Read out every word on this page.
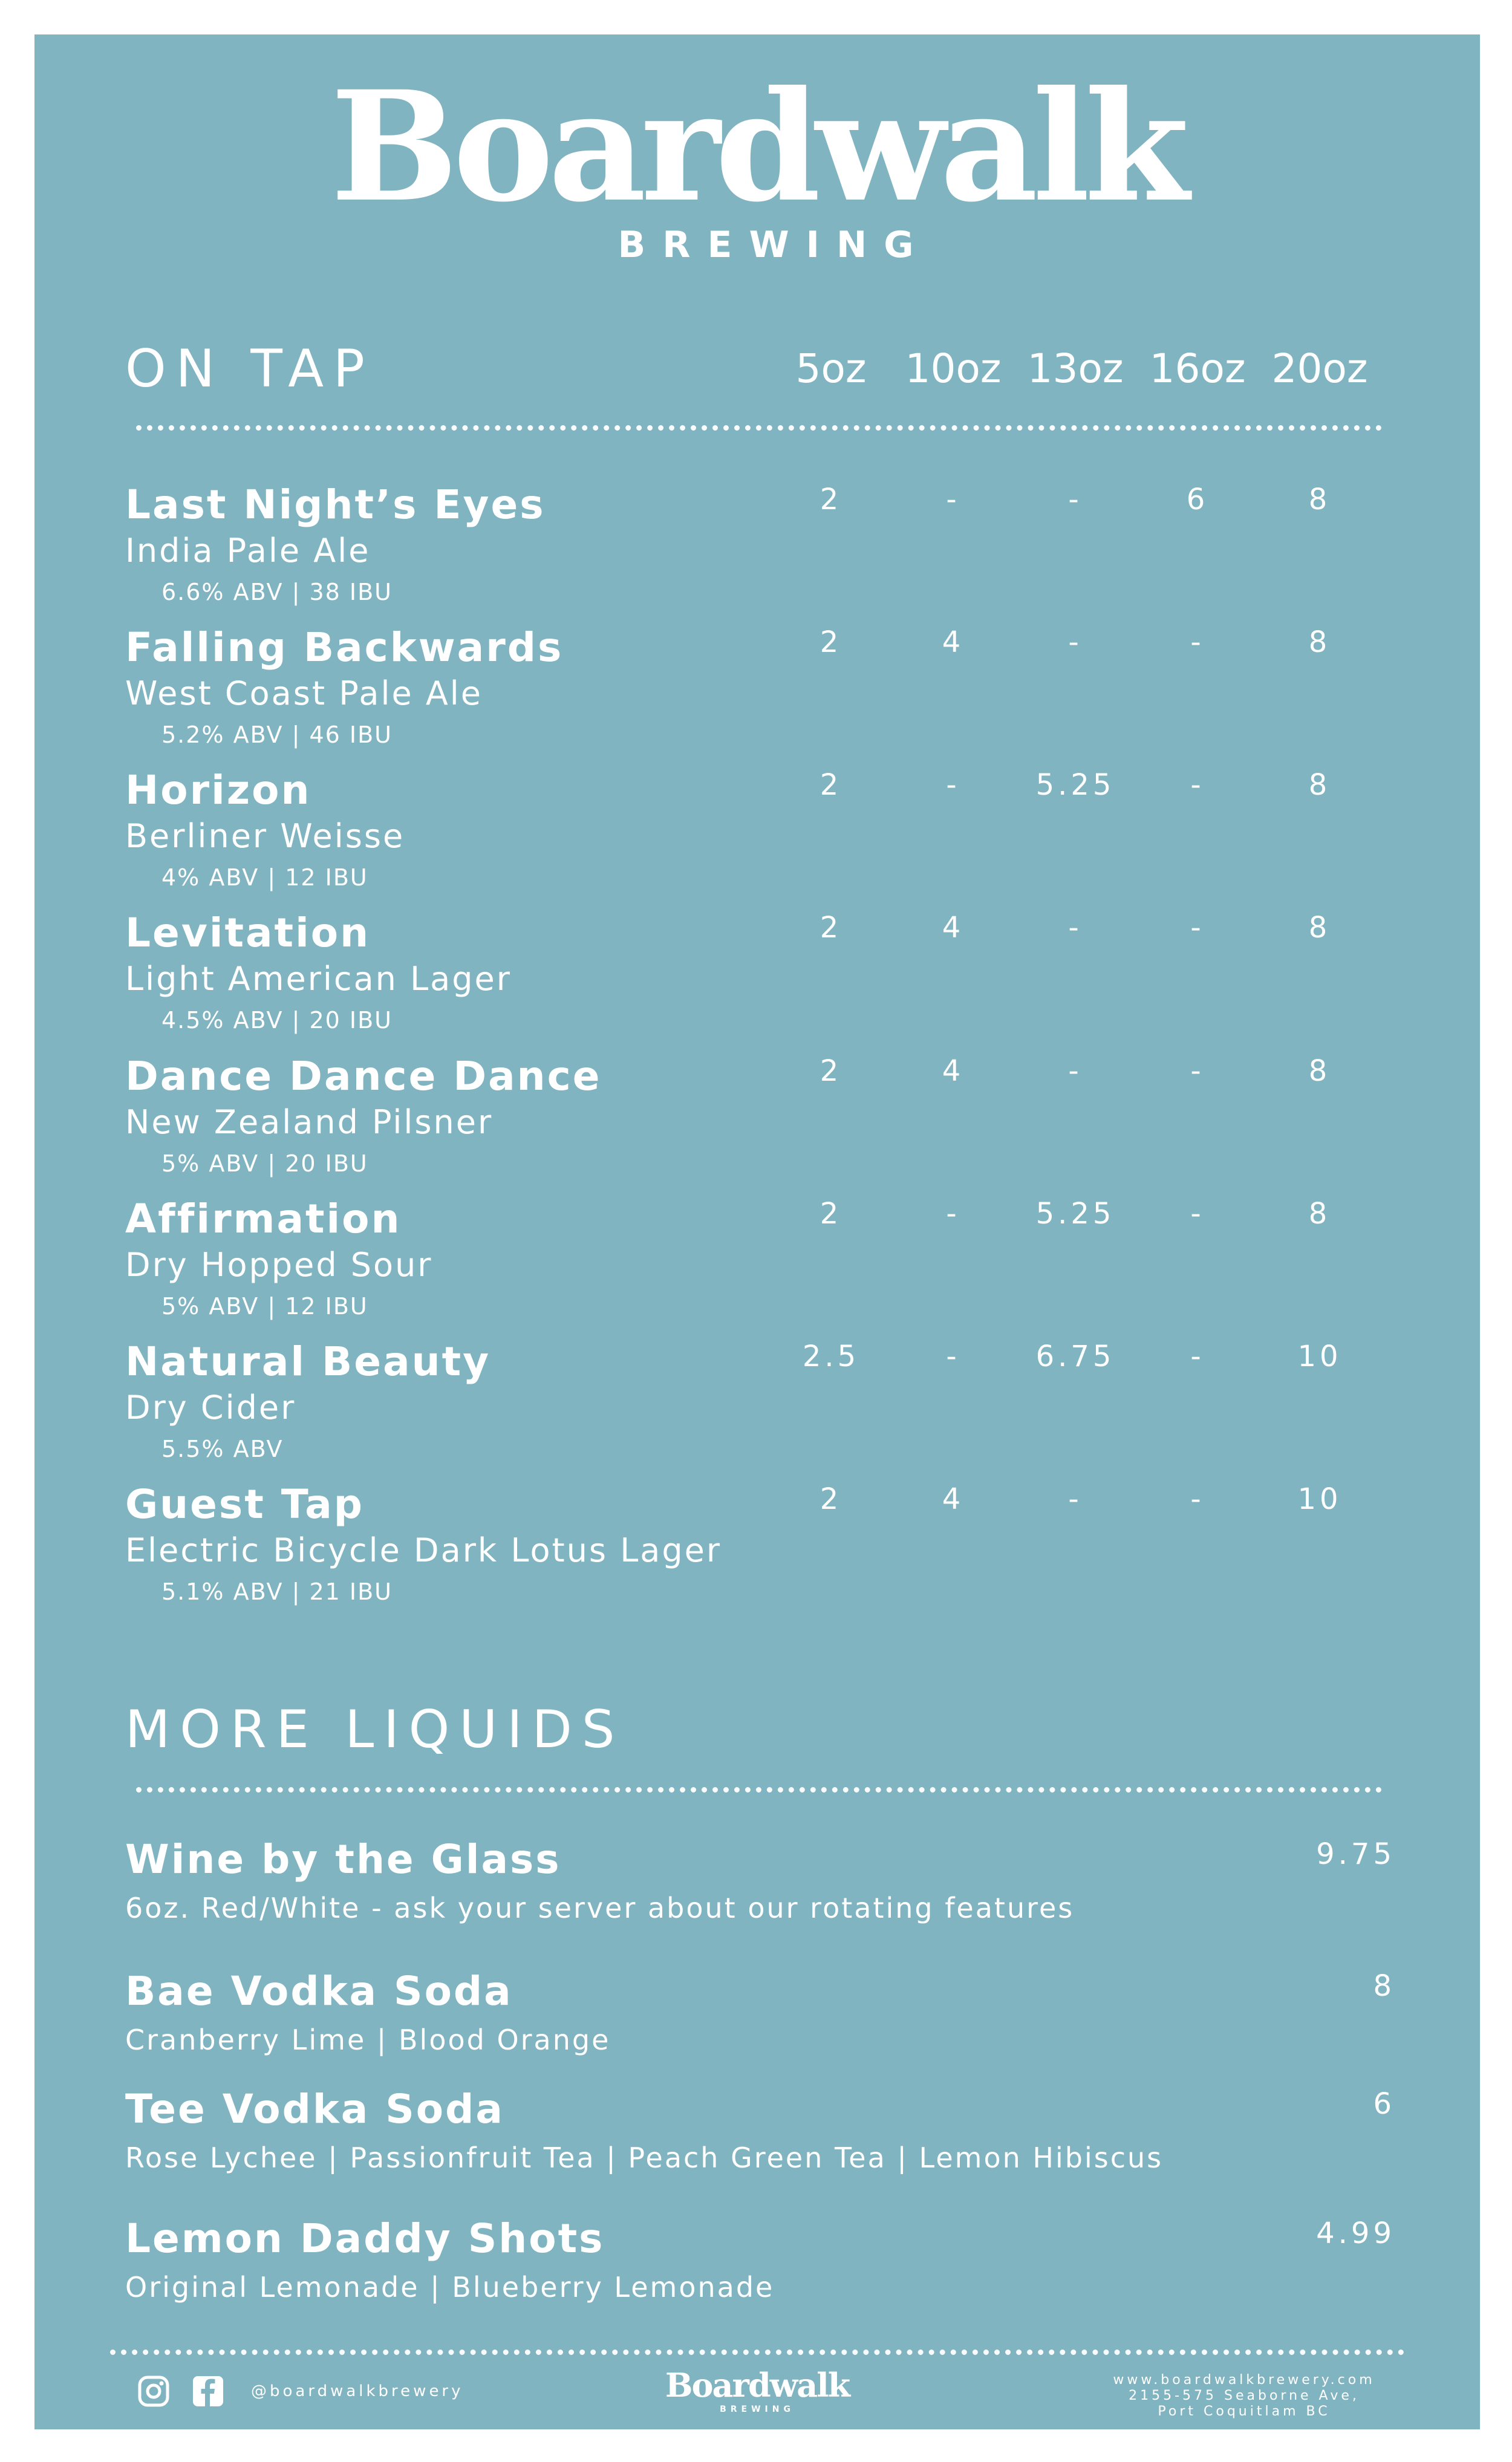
Boardwalk
BREWING
ON TAP	5oz 10oz 13oz 16oz 20oz
Last Night’s Eyes
India Pale Ale
6.6% ABV | 38 IBU
2	-	-	6	8
Falling Backwards
West Coast Pale Ale
5.2% ABV | 46 IBU
2	4	-	-	8
Horizon
Berliner Weisse
4% ABV | 12 IBU
2	-	5.25	-	8
Levitation
Light American Lager
4.5% ABV | 20 IBU
2	4	-	-	8
Dance Dance Dance
New Zealand Pilsner
5% ABV | 20 IBU
2	4	-	-	8
Affirmation
Dry Hopped Sour
5% ABV | 12 IBU
2	-	5.25	-	8
Natural Beauty
Dry Cider
5.5% ABV
2.5	-	6.75	-	10
Guest Tap
Electric Bicycle Dark Lotus Lager
5.1% ABV | 21 IBU
2	4	-	-	10
MORE LIQUIDS
Wine by the Glass
6oz. Red/White - ask your server about our rotating features
9.75
Bae Vodka Soda
Cranberry Lime | Blood Orange
8
Tee Vodka Soda
Rose Lychee | Passionfruit Tea | Peach Green Tea | Lemon Hibiscus
6
Lemon Daddy Shots
Original Lemonade | Blueberry Lemonade
4.99
@boardwalkbrewery	Boardwalk
BREWING
www.boardwalkbrewery.com
2155-575 Seaborne Ave,
Port Coquitlam BC
